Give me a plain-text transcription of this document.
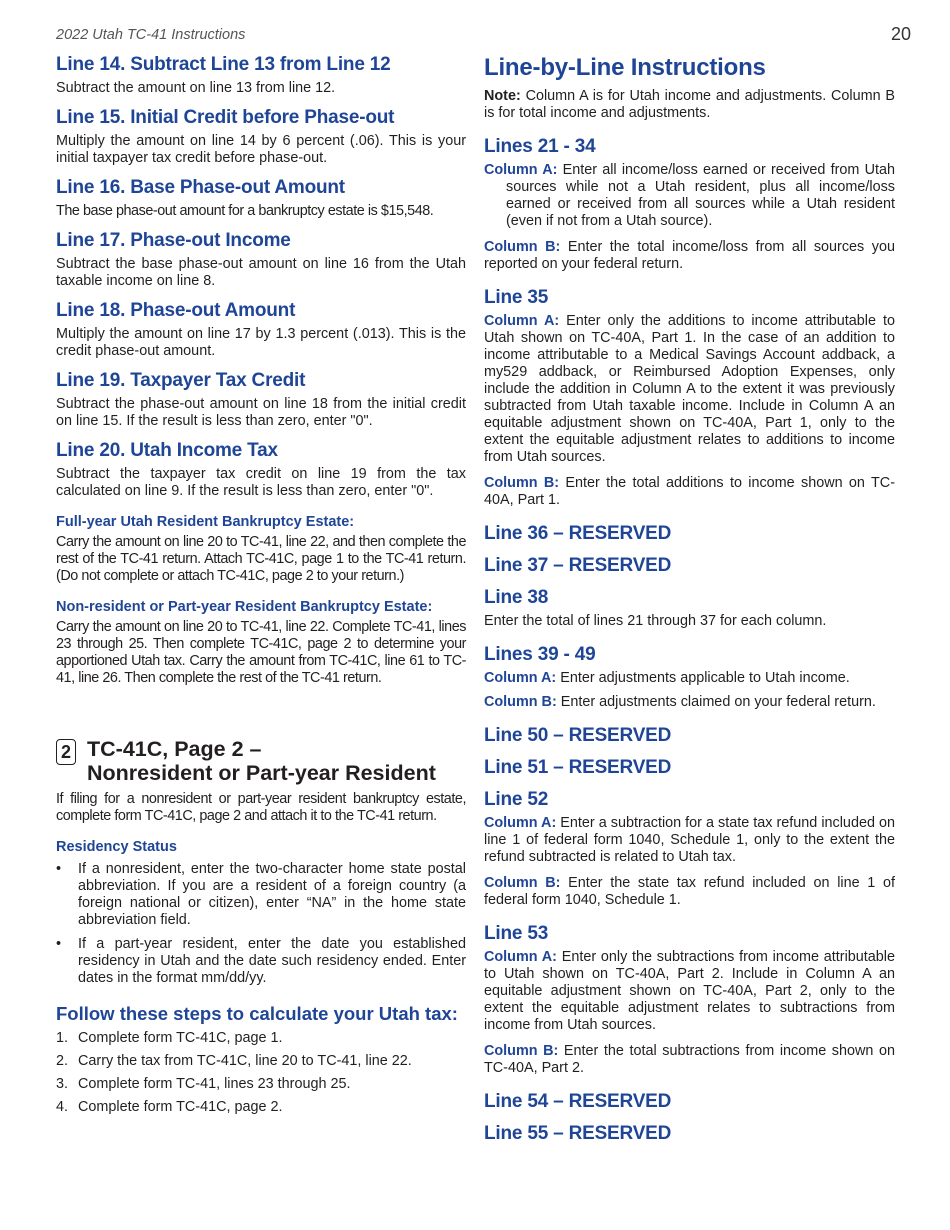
2022 Utah TC-41 Instructions	20
Line 14. Subtract Line 13 from Line 12

Subtract the amount on line 13 from line 12.

Line 15. Initial Credit before Phase-out

Multiply the amount on line 14 by 6 percent (.06). This is your initial taxpayer tax credit before phase-out.

Line 16. Base Phase-out Amount

The base phase-out amount for a bankruptcy estate is $15,548.

Line 17. Phase-out Income

Subtract the base phase-out amount on line 16 from the Utah taxable income on line 8.

Line 18. Phase-out Amount

Multiply the amount on line 17 by 1.3 percent (.013). This is the credit phase-out amount.

Line 19. Taxpayer Tax Credit

Subtract the phase-out amount on line 18 from the initial credit on line 15. If the result is less than zero, enter "0".

Line 20. Utah Income Tax

Subtract the taxpayer tax credit on line 19 from the tax calculated on line 9. If the result is less than zero, enter "0".

Full-year Utah Resident Bankruptcy Estate:

Carry the amount on line 20 to TC-41, line 22, and then complete the rest of the TC-41 return. Attach TC-41C, page 1 to the TC-41 return. (Do not complete or attach TC-41C, page 2 to your return.)

Non-resident or Part-year Resident Bankruptcy Estate:

Carry the amount on line 20 to TC-41, line 22. Complete TC-41, lines 23 through 25. Then complete TC-41C, page 2 to determine your apportioned Utah tax. Carry the amount from TC-41C, line 61 to TC-41, line 26. Then complete the rest of the TC-41 return.

2 TC-41C, Page 2 –
Nonresident or Part-year Resident

If filing for a nonresident or part-year resident bankruptcy estate, complete form TC-41C, page 2 and attach it to the TC-41 return.

Residency Status
• If a nonresident, enter the two-character home state postal abbreviation. If you are a resident of a foreign country (a foreign national or citizen), enter “NA” in the home state abbreviation field.
• If a part-year resident, enter the date you established residency in Utah and the date such residency ended. Enter dates in the format mm/dd/yy.
Follow these steps to calculate your Utah tax:
1. Complete form TC-41C, page 1.
2. Carry the tax from TC-41C, line 20 to TC-41, line 22.
3. Complete form TC-41, lines 23 through 25.
4. Complete form TC-41C, page 2.
Line-by-Line Instructions

Note: Column A is for Utah income and adjustments. Column B is for total income and adjustments.

Lines 21 - 34

Column A: Enter all income/loss earned or received from Utah sources while not a Utah resident, plus all income/loss earned or received from all sources while a Utah resident (even if not from a Utah source).

Column B: Enter the total income/loss from all sources you reported on your federal return.

Line 35

Column A: Enter only the additions to income attributable to Utah shown on TC-40A, Part 1. In the case of an addition to income attributable to a Medical Savings Account addback, a my529 addback, or Reimbursed Adoption Expenses, only include the addition in Column A to the extent it was previously subtracted from Utah taxable income. Include in Column A an equitable adjustment shown on TC-40A, Part 1, only to the extent the equitable adjustment relates to additions to income from Utah sources.

Column B: Enter the total additions to income shown on TC-40A, Part 1.

Line 36 – RESERVED
Line 37 – RESERVED
Line 38

Enter the total of lines 21 through 37 for each column.

Lines 39 - 49

Column A: Enter adjustments applicable to Utah income.

Column B: Enter adjustments claimed on your federal return.

Line 50 – RESERVED
Line 51 – RESERVED
Line 52

Column A: Enter a subtraction for a state tax refund included on line 1 of federal form 1040, Schedule 1, only to the extent the refund subtracted is related to Utah tax.

Column B: Enter the state tax refund included on line 1 of federal form 1040, Schedule 1.

Line 53

Column A: Enter only the subtractions from income attributable to Utah shown on TC-40A, Part 2. Include in Column A an equitable adjustment shown on TC-40A, Part 2, only to the extent the equitable adjustment relates to subtractions from income from Utah sources.

Column B: Enter the total subtractions from income shown on TC-40A, Part 2.

Line 54 – RESERVED
Line 55 – RESERVED
